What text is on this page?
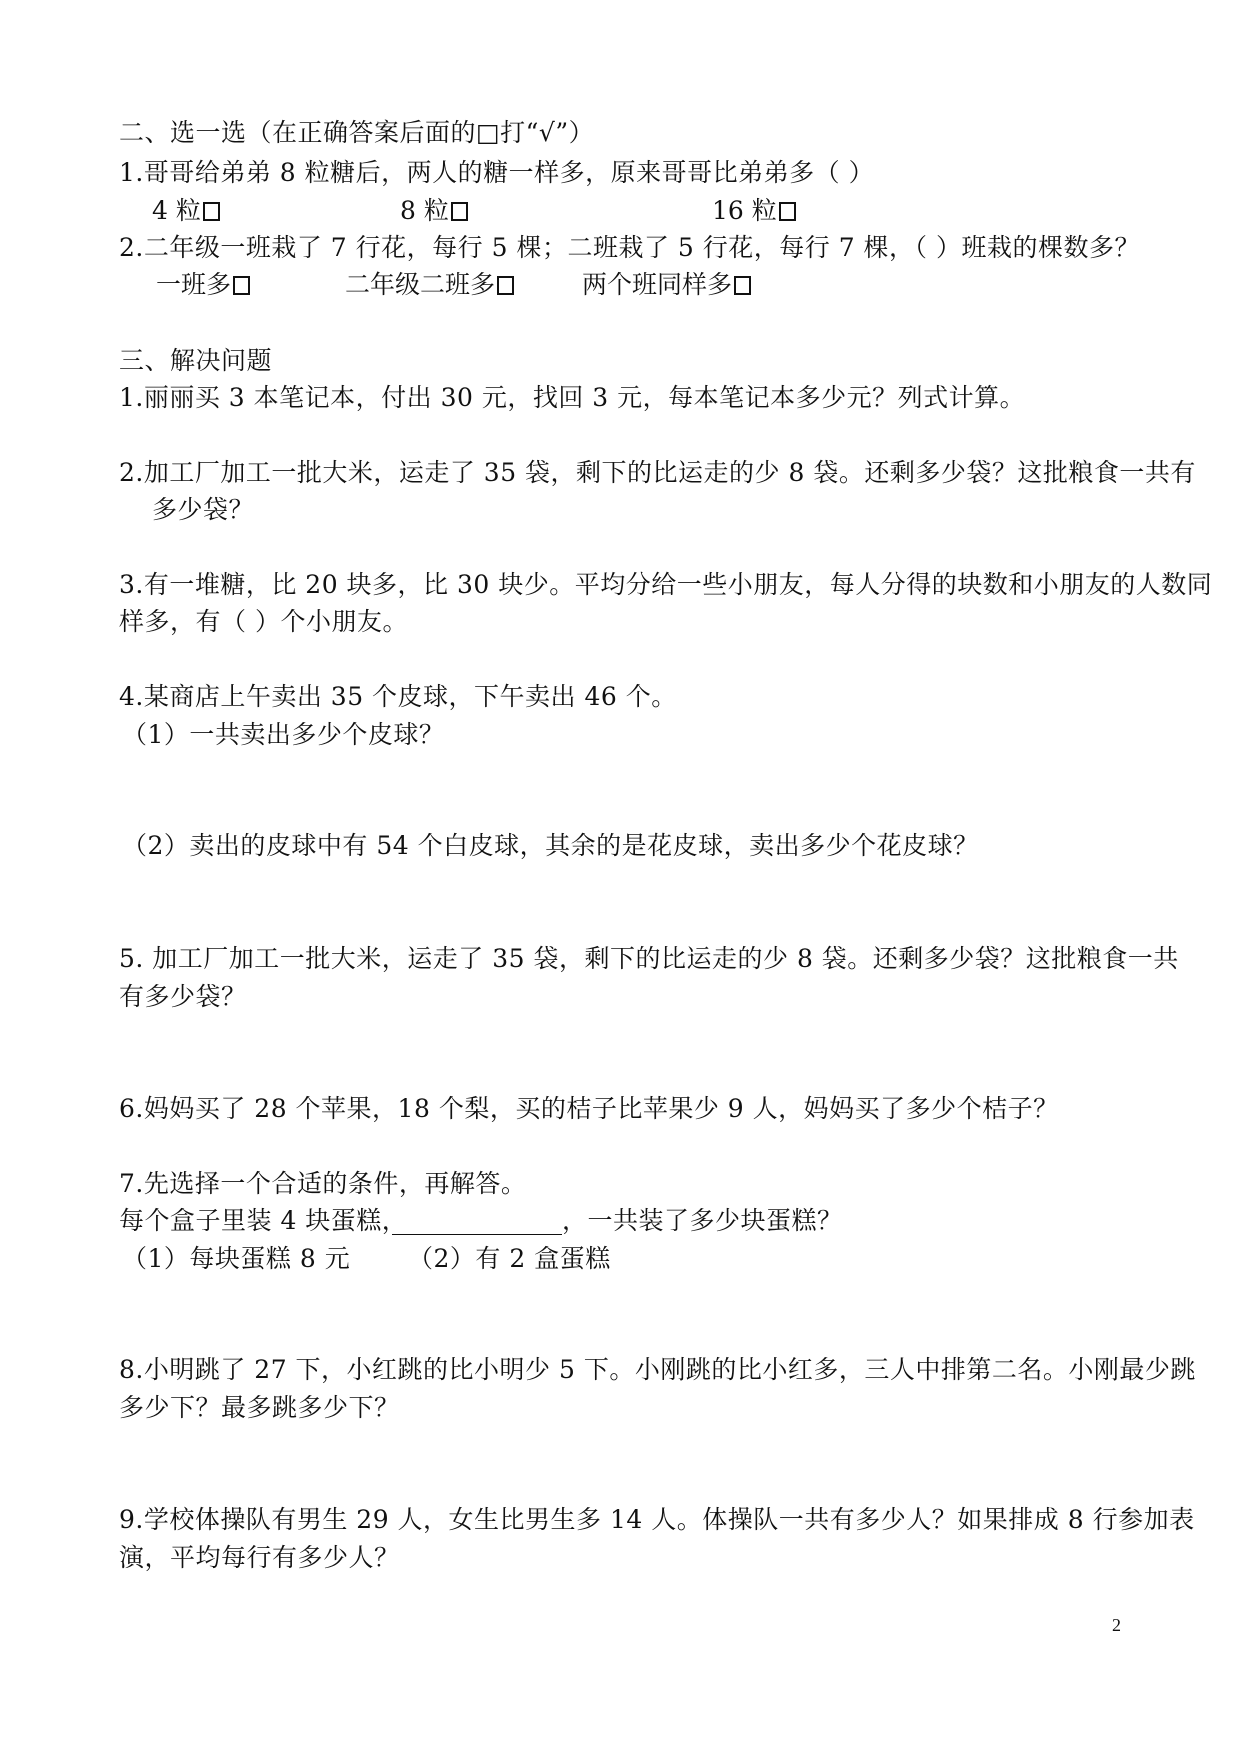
二、选一选（在正确答案后面的□打“√”）
1.哥哥给弟弟 8 粒糖后，两人的糖一样多，原来哥哥比弟弟多（ ）
4 粒	8 粒	16 粒
2.二年级一班栽了 7 行花，每行 5 棵；二班栽了 5 行花，每行 7 棵，（ ）班栽的棵数多？
一班多	二年级二班多	两个班同样多
三、解决问题
1.丽丽买 3 本笔记本，付出 30 元，找回 3 元，每本笔记本多少元？列式计算。
2.加工厂加工一批大米，运走了 35 袋，剩下的比运走的少 8 袋。还剩多少袋？这批粮食一共有
多少袋？
3.有一堆糖，比 20 块多，比 30 块少。平均分给一些小朋友，每人分得的块数和小朋友的人数同
样多，有（ ）个小朋友。
4.某商店上午卖出 35 个皮球，下午卖出 46 个。
（1）一共卖出多少个皮球？
（2）卖出的皮球中有 54 个白皮球，其余的是花皮球，卖出多少个花皮球？
5. 加工厂加工一批大米，运走了 35 袋，剩下的比运走的少 8 袋。还剩多少袋？这批粮食一共
有多少袋？
6.妈妈买了 28 个苹果，18 个梨，买的桔子比苹果少 9 人，妈妈买了多少个桔子？
7.先选择一个合适的条件，再解答。
每个盒子里装 4 块蛋糕，	，一共装了多少块蛋糕？
（1）每块蛋糕 8 元 （2）有 2 盒蛋糕
8.小明跳了 27 下，小红跳的比小明少 5 下。小刚跳的比小红多，三人中排第二名。小刚最少跳
多少下？最多跳多少下？
9.学校体操队有男生 29 人，女生比男生多 14 人。体操队一共有多少人？如果排成 8 行参加表
演，平均每行有多少人？
2
